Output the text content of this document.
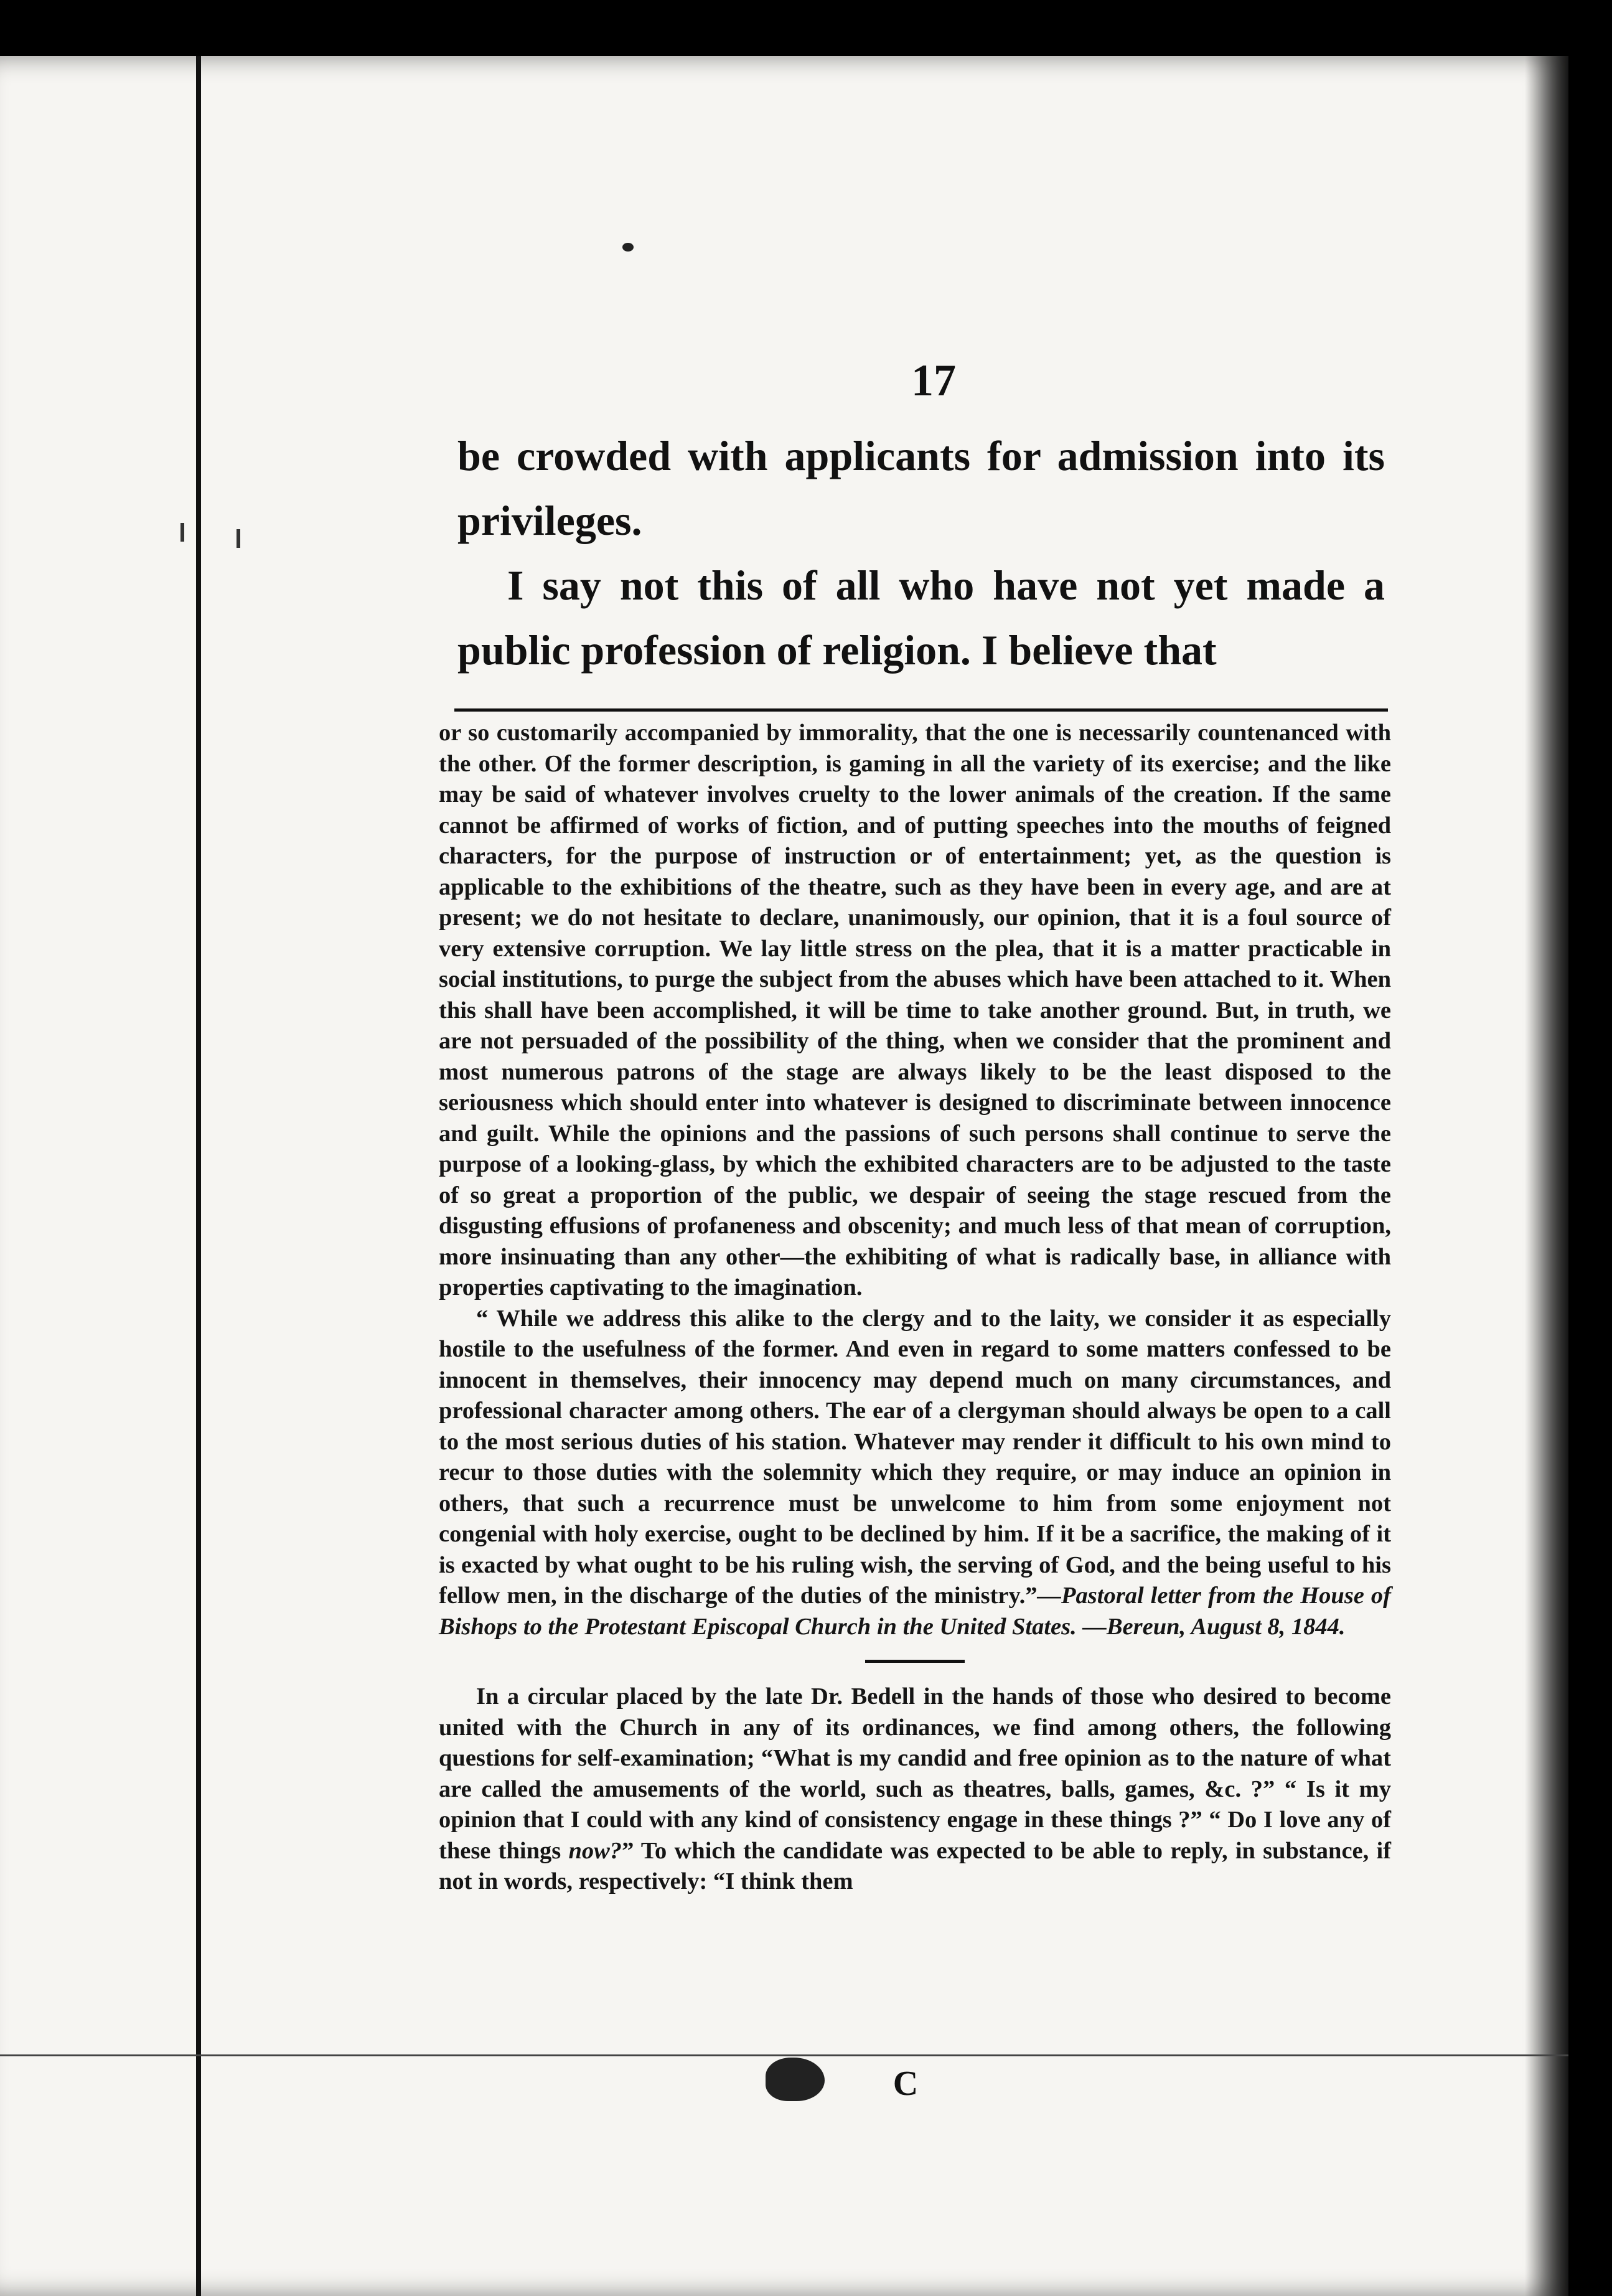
17

be crowded with applicants for admission into its privileges.

I say not this of all who have not yet made a public profession of religion. I believe that

or so customarily accompanied by immorality, that the one is necessarily countenanced with the other. Of the former description, is gaming in all the variety of its exercise; and the like may be said of whatever involves cruelty to the lower animals of the creation. If the same cannot be affirmed of works of fiction, and of putting speeches into the mouths of feigned characters, for the purpose of instruction or of entertainment; yet, as the question is applicable to the exhibitions of the theatre, such as they have been in every age, and are at present; we do not hesitate to declare, unanimously, our opinion, that it is a foul source of very extensive corruption. We lay little stress on the plea, that it is a matter practicable in social institutions, to purge the subject from the abuses which have been attached to it. When this shall have been accomplished, it will be time to take another ground. But, in truth, we are not persuaded of the possibility of the thing, when we consider that the prominent and most numerous patrons of the stage are always likely to be the least disposed to the seriousness which should enter into whatever is designed to discriminate between innocence and guilt. While the opinions and the passions of such persons shall continue to serve the purpose of a looking-glass, by which the exhibited characters are to be adjusted to the taste of so great a proportion of the public, we despair of seeing the stage rescued from the disgusting effusions of profaneness and obscenity; and much less of that mean of corruption, more insinuating than any other—the exhibiting of what is radically base, in alliance with properties captivating to the imagination.

“ While we address this alike to the clergy and to the laity, we consider it as especially hostile to the usefulness of the former. And even in regard to some matters confessed to be innocent in themselves, their innocency may depend much on many circumstances, and professional character among others. The ear of a clergyman should always be open to a call to the most serious duties of his station. Whatever may render it difficult to his own mind to recur to those duties with the solemnity which they require, or may induce an opinion in others, that such a recurrence must be unwelcome to him from some enjoyment not congenial with holy exercise, ought to be declined by him. If it be a sacrifice, the making of it is exacted by what ought to be his ruling wish, the serving of God, and the being useful to his fellow men, in the discharge of the duties of the ministry.”—Pastoral letter from the House of Bishops to the Protestant Episcopal Church in the United States. —Bereun, August 8, 1844.

In a circular placed by the late Dr. Bedell in the hands of those who desired to become united with the Church in any of its ordinances, we find among others, the following questions for self-examination; “What is my candid and free opinion as to the nature of what are called the amusements of the world, such as theatres, balls, games, &c. ?” “ Is it my opinion that I could with any kind of consistency engage in these things ?” “ Do I love any of these things now?” To which the candidate was expected to be able to reply, in substance, if not in words, respectively: “I think them

C
